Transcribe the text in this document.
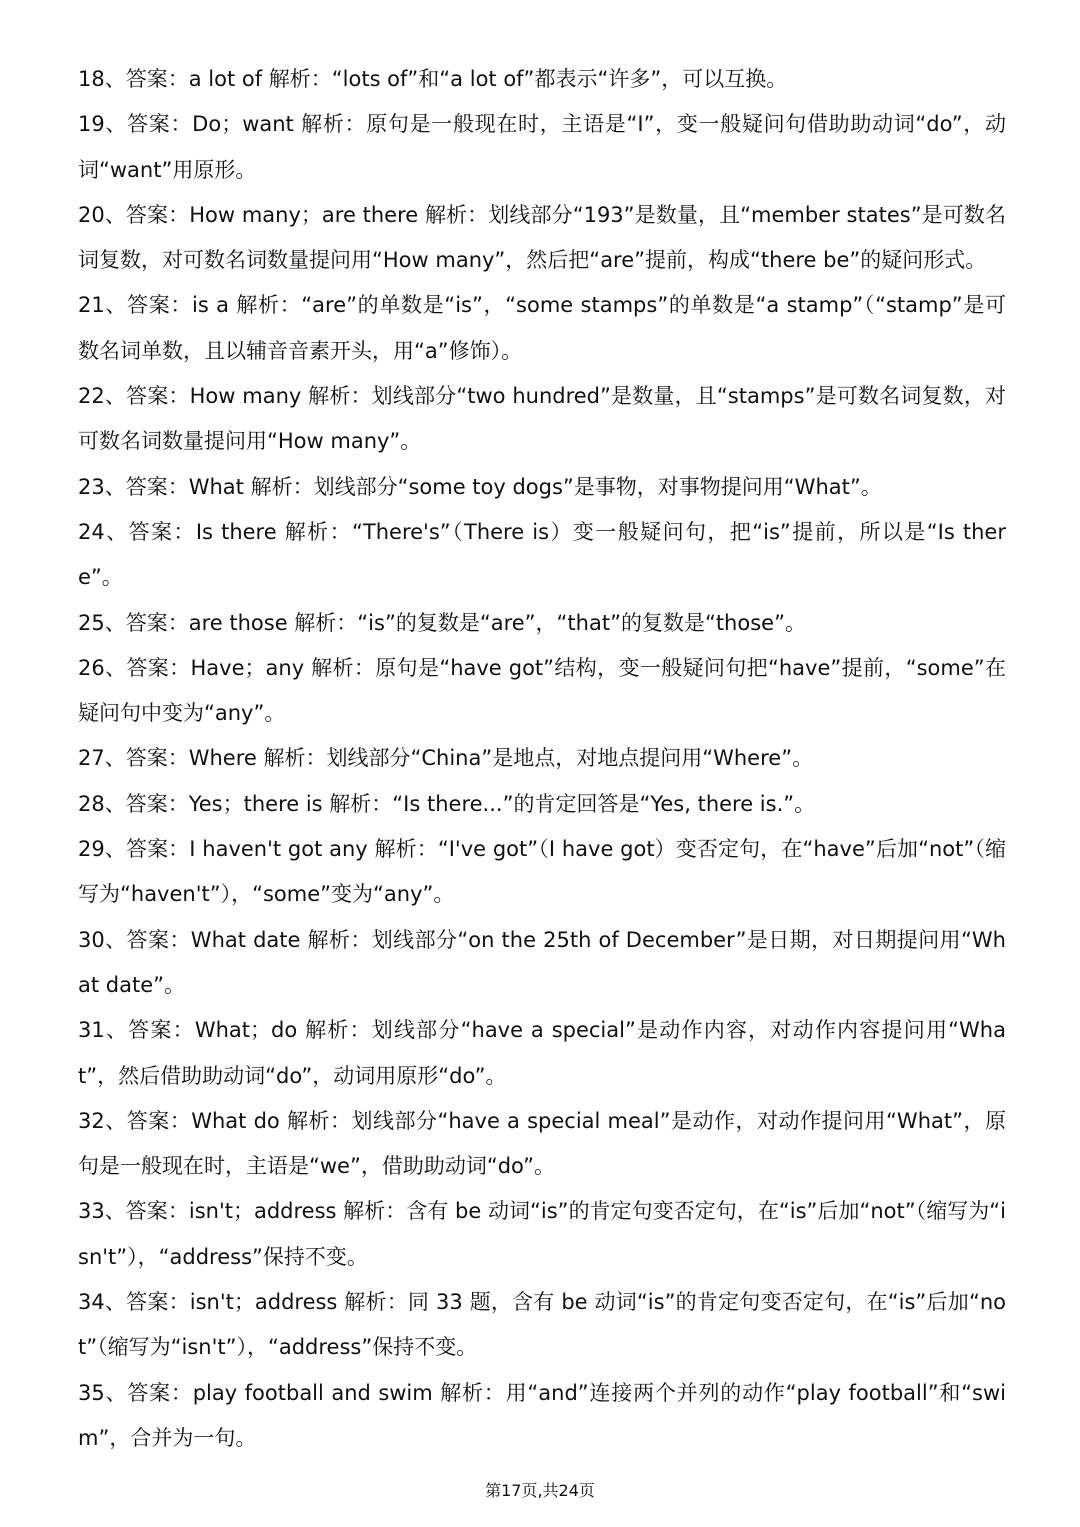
18、答案：a lot of 解析：“lots of”和“a lot of”都表示“许多”，可以互换。

19、答案：Do；want 解析：原句是一般现在时，主语是“I”，变一般疑问句借助助动词“do”，动词“want”用原形。

20、答案：How many；are there 解析：划线部分“193”是数量，且“member states”是可数名词复数，对可数名词数量提问用“How many”，然后把“are”提前，构成“there be”的疑问形式。

21、答案：is a 解析：“are”的单数是“is”，“some stamps”的单数是“a stamp”（“stamp”是可数名词单数，且以辅音音素开头，用“a”修饰）。

22、答案：How many 解析：划线部分“two hundred”是数量，且“stamps”是可数名词复数，对可数名词数量提问用“How many”。

23、答案：What 解析：划线部分“some toy dogs”是事物，对事物提问用“What”。

24、答案：Is there 解析：“There's”（There is）变一般疑问句，把“is”提前，所以是“Is there”。

25、答案：are those 解析：“is”的复数是“are”，“that”的复数是“those”。

26、答案：Have；any 解析：原句是“have got”结构，变一般疑问句把“have”提前，“some”在疑问句中变为“any”。

27、答案：Where 解析：划线部分“China”是地点，对地点提问用“Where”。

28、答案：Yes；there is 解析：“Is there...”的肯定回答是“Yes, there is.”。

29、答案：I haven't got any 解析：“I've got”（I have got）变否定句，在“have”后加“not”（缩写为“haven't”），“some”变为“any”。

30、答案：What date 解析：划线部分“on the 25th of December”是日期，对日期提问用“What date”。

31、答案：What；do 解析：划线部分“have a special”是动作内容，对动作内容提问用“What”，然后借助助动词“do”，动词用原形“do”。

32、答案：What do 解析：划线部分“have a special meal”是动作，对动作提问用“What”，原句是一般现在时，主语是“we”，借助助动词“do”。

33、答案：isn't；address 解析：含有 be 动词“is”的肯定句变否定句，在“is”后加“not”（缩写为“isn't”），“address”保持不变。

34、答案：isn't；address 解析：同 33 题，含有 be 动词“is”的肯定句变否定句，在“is”后加“not”（缩写为“isn't”），“address”保持不变。

35、答案：play football and swim 解析：用“and”连接两个并列的动作“play football”和“swim”，合并为一句。

第17页,共24页
